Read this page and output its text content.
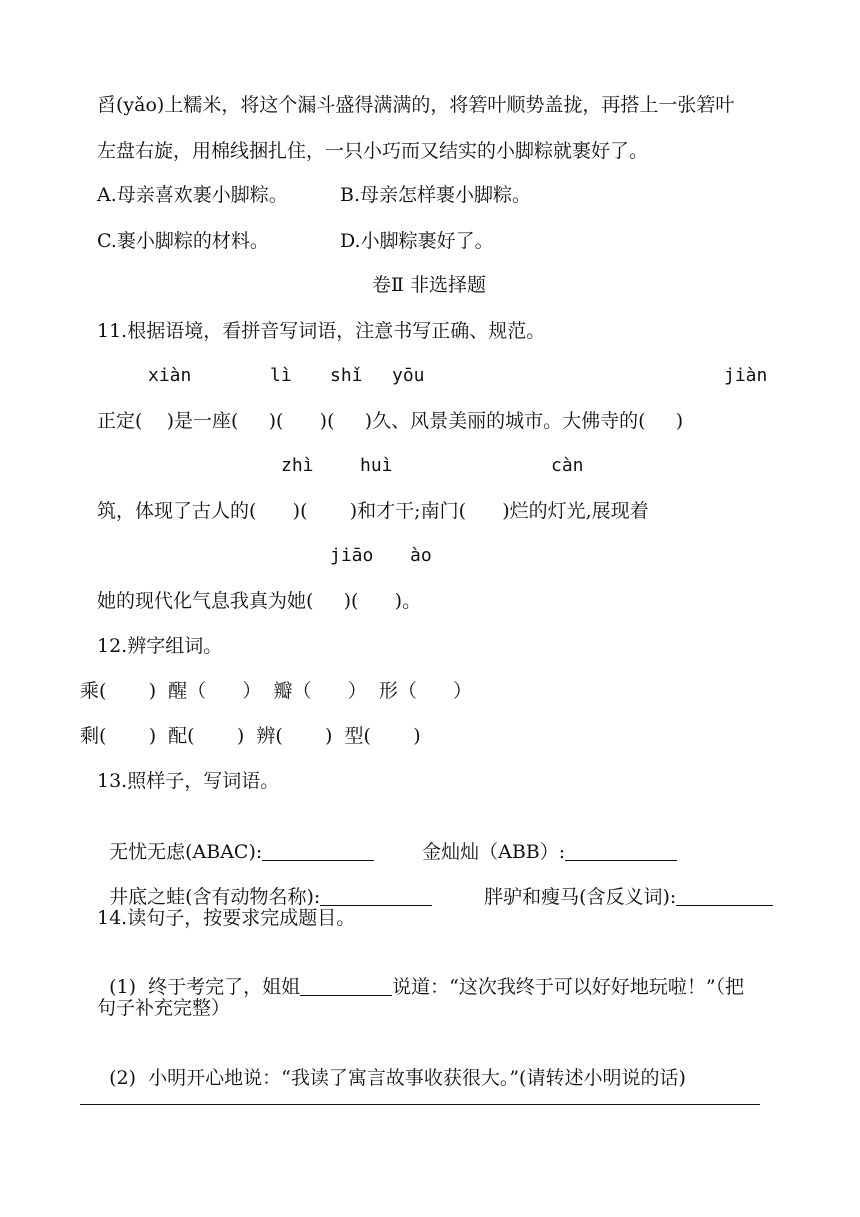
舀(yǎo)上糯米，将这个漏斗盛得满满的，将箬叶顺势盖拢，再搭上一张箬叶
左盘右旋，用棉线捆扎住，一只小巧而又结实的小脚粽就裹好了。
A.母亲喜欢裹小脚粽。	B.母亲怎样裹小脚粽。
C.裹小脚粽的材料。	D.小脚粽裹好了。
卷Ⅱ 非选择题
11.根据语境，看拼音写词语，注意书写正确、规范。
xiàn	lì shǐ yōu	jiàn
正定(    )是一座(     )(      )(     )久、风景美丽的城市。大佛寺的(     )
zhì	huì	càn
筑，体现了古人的(      )(       )和才干;南门(      )烂的灯光,展现着
jiāo ào
她的现代化气息我真为她(     )(      )。
12.辨字组词。
乘(       )  醒（      ）  瓣（      ）  形（      ）
剩(       )  配(       )  辨(       )  型(       )
13.照样子，写词语。

无忧无虑(ABAC):	金灿灿（ABB）:

井底之蛙(含有动物名称):	胖驴和瘦马(含反义词):

14.读句子，按要求完成题目。

(1) 终于考完了，姐姐	说道：“这次我终于可以好好地玩啦！”（把

句子补充完整）

(2) 小明开心地说：“我读了寓言故事收获很大。”(请转述小明说的话)
